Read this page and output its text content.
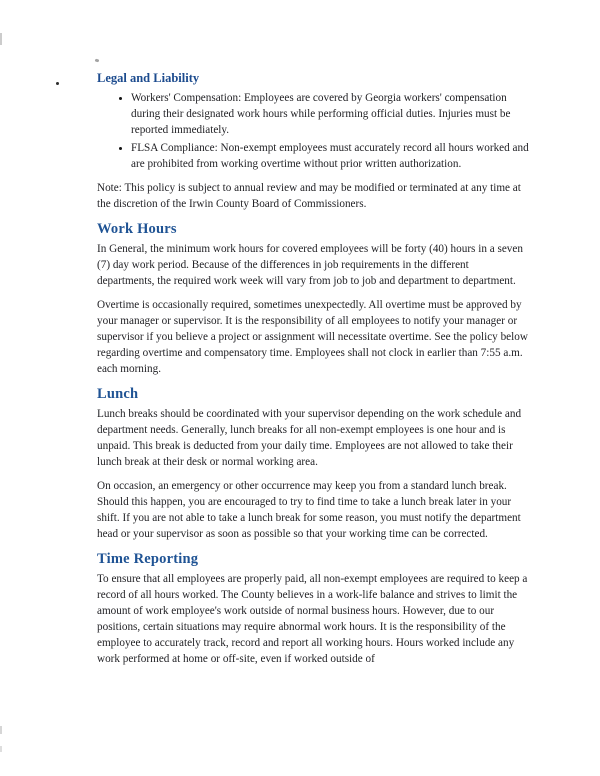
Legal and Liability
• Workers' Compensation: Employees are covered by Georgia workers' compensation during their designated work hours while performing official duties. Injuries must be reported immediately.
• FLSA Compliance: Non-exempt employees must accurately record all hours worked and are prohibited from working overtime without prior written authorization.

Note: This policy is subject to annual review and may be modified or terminated at any time at the discretion of the Irwin County Board of Commissioners.

Work Hours

In General, the minimum work hours for covered employees will be forty (40) hours in a seven (7) day work period. Because of the differences in job requirements in the different departments, the required work week will vary from job to job and department to department.

Overtime is occasionally required, sometimes unexpectedly. All overtime must be approved by your manager or supervisor. It is the responsibility of all employees to notify your manager or supervisor if you believe a project or assignment will necessitate overtime. See the policy below regarding overtime and compensatory time. Employees shall not clock in earlier than 7:55 a.m. each morning.

Lunch

Lunch breaks should be coordinated with your supervisor depending on the work schedule and department needs. Generally, lunch breaks for all non-exempt employees is one hour and is unpaid. This break is deducted from your daily time. Employees are not allowed to take their lunch break at their desk or normal working area.

On occasion, an emergency or other occurrence may keep you from a standard lunch break. Should this happen, you are encouraged to try to find time to take a lunch break later in your shift. If you are not able to take a lunch break for some reason, you must notify the department head or your supervisor as soon as possible so that your working time can be corrected.

Time Reporting

To ensure that all employees are properly paid, all non-exempt employees are required to keep a record of all hours worked. The County believes in a work-life balance and strives to limit the amount of work employee's work outside of normal business hours. However, due to our positions, certain situations may require abnormal work hours. It is the responsibility of the employee to accurately track, record and report all working hours. Hours worked include any work performed at home or off-site, even if worked outside of
